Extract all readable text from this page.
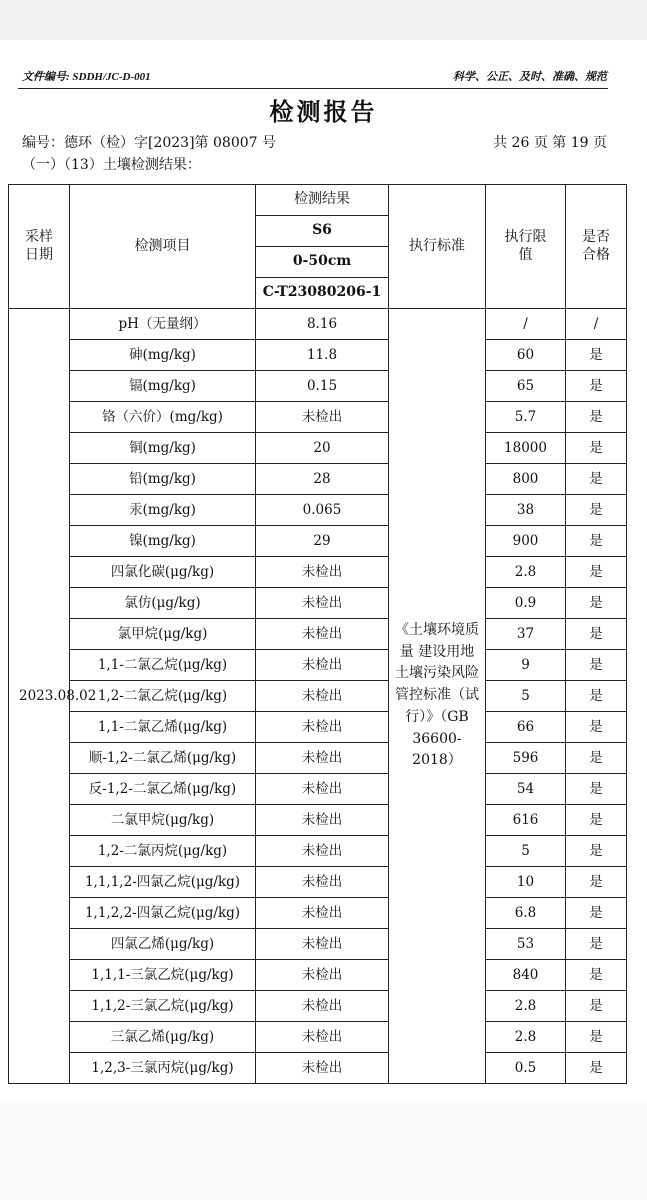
文件编号: SDDH/JC-D-001	科学、公正、及时、准确、规范
检测报告
编号：德环（检）字[2023]第 08007 号	共 26 页 第 19 页
（一）（13）土壤检测结果：
采样日期	检测项目	检测结果	执行标准	执行限值	是否合格
		S6			
		0-50cm			
		C-T23080206-1			
2023.08.02	pH（无量纲）	8.16	《土壤环境质量 建设用地土壤污染风险管控标准（试行）》（GB 36600-2018）	/	/
	砷(mg/kg)	11.8		60	是
	镉(mg/kg)	0.15		65	是
	铬（六价）(mg/kg)	未检出		5.7	是
	铜(mg/kg)	20		18000	是
	铅(mg/kg)	28		800	是
	汞(mg/kg)	0.065		38	是
	镍(mg/kg)	29		900	是
	四氯化碳(μg/kg)	未检出		2.8	是
	氯仿(μg/kg)	未检出		0.9	是
	氯甲烷(μg/kg)	未检出		37	是
	1,1-二氯乙烷(μg/kg)	未检出		9	是
	1,2-二氯乙烷(μg/kg)	未检出		5	是
	1,1-二氯乙烯(μg/kg)	未检出		66	是
	顺-1,2-二氯乙烯(μg/kg)	未检出		596	是
	反-1,2-二氯乙烯(μg/kg)	未检出		54	是
	二氯甲烷(μg/kg)	未检出		616	是
	1,2-二氯丙烷(μg/kg)	未检出		5	是
	1,1,1,2-四氯乙烷(μg/kg)	未检出		10	是
	1,1,2,2-四氯乙烷(μg/kg)	未检出		6.8	是
	四氯乙烯(μg/kg)	未检出		53	是
	1,1,1-三氯乙烷(μg/kg)	未检出		840	是
	1,1,2-三氯乙烷(μg/kg)	未检出		2.8	是
	三氯乙烯(μg/kg)	未检出		2.8	是
	1,2,3-三氯丙烷(μg/kg)	未检出		0.5	是
